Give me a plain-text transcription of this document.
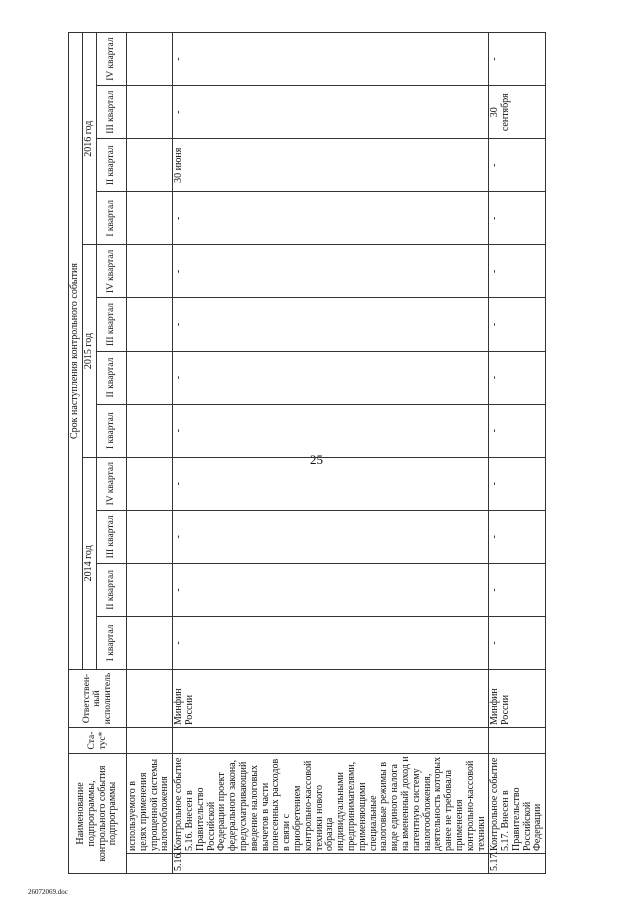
25
26072069.doc
Наименование подпрограммы, контрольного события подпрограммы		Ста-тус*	Ответствен-ный исполнитель	Срок наступления контрольного события											
				2014 год				2015 год				2016 год			
				I квартал	II квартал	III квартал	IV квартал	I квартал	II квартал	III квартал	IV квартал	I квартал	II квартал	III квартал	IV квартал
	используемого в целях применения упрощенной системы налогообложения														
5.16.	Контрольное событие 5.16. Внесен в Правительство Российской Федерации проект федерального закона, предусматривающий введение налоговых вычетов в части понесенных расходов в связи с приобретением контрольно-кассовой техники нового образца индивидуальными предпринимателями, применяющими специальные налоговые режимы в виде единого налога на вмененный доход и патентную систему налогообложения, деятельность которых ранее не требовала применения контрольно-кассовой техники		Минфин России	-	-	-	-	-	-	-	-	-	30 июня	-	-
5.17.	Контрольное событие 5.17. Внесен в Правительство Российской Федерации		Минфин России	-	-	-	-	-	-	-	-	-	-	30 сентября	-
